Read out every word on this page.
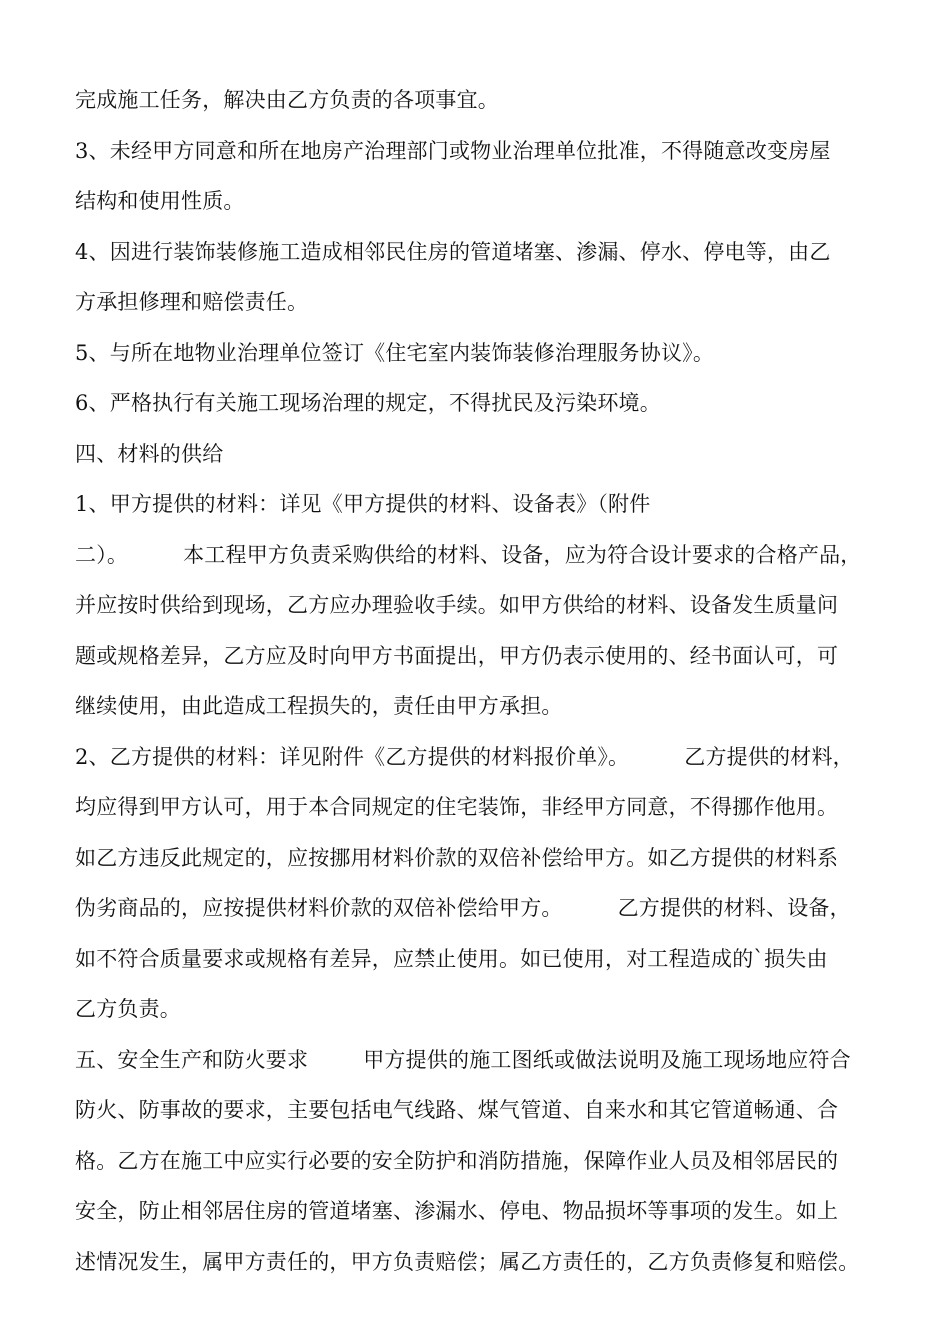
完成施工任务，解决由乙方负责的各项事宜。

3、未经甲方同意和所在地房产治理部门或物业治理单位批准，不得随意改变房屋

结构和使用性质。

4、因进行装饰装修施工造成相邻民住房的管道堵塞、渗漏、停水、停电等，由乙

方承担修理和赔偿责任。

5、与所在地物业治理单位签订《住宅室内装饰装修治理服务协议》。

6、严格执行有关施工现场治理的规定，不得扰民及污染环境。

四、材料的供给

1、甲方提供的材料：详见《甲方提供的材料、设备表》（附件

二）。        本工程甲方负责采购供给的材料、设备，应为符合设计要求的合格产品，

并应按时供给到现场，乙方应办理验收手续。如甲方供给的材料、设备发生质量问

题或规格差异，乙方应及时向甲方书面提出，甲方仍表示使用的、经书面认可，可

继续使用，由此造成工程损失的，责任由甲方承担。

2、乙方提供的材料：详见附件《乙方提供的材料报价单》。        乙方提供的材料，

均应得到甲方认可，用于本合同规定的住宅装饰，非经甲方同意，不得挪作他用。

如乙方违反此规定的，应按挪用材料价款的双倍补偿给甲方。如乙方提供的材料系

伪劣商品的，应按提供材料价款的双倍补偿给甲方。        乙方提供的材料、设备，

如不符合质量要求或规格有差异，应禁止使用。如已使用，对工程造成的`损失由

乙方负责。

五、安全生产和防火要求        甲方提供的施工图纸或做法说明及施工现场地应符合

防火、防事故的要求，主要包括电气线路、煤气管道、自来水和其它管道畅通、合

格。乙方在施工中应实行必要的安全防护和消防措施，保障作业人员及相邻居民的

安全，防止相邻居住房的管道堵塞、渗漏水、停电、物品损坏等事项的发生。如上

述情况发生，属甲方责任的，甲方负责赔偿；属乙方责任的，乙方负责修复和赔偿。
